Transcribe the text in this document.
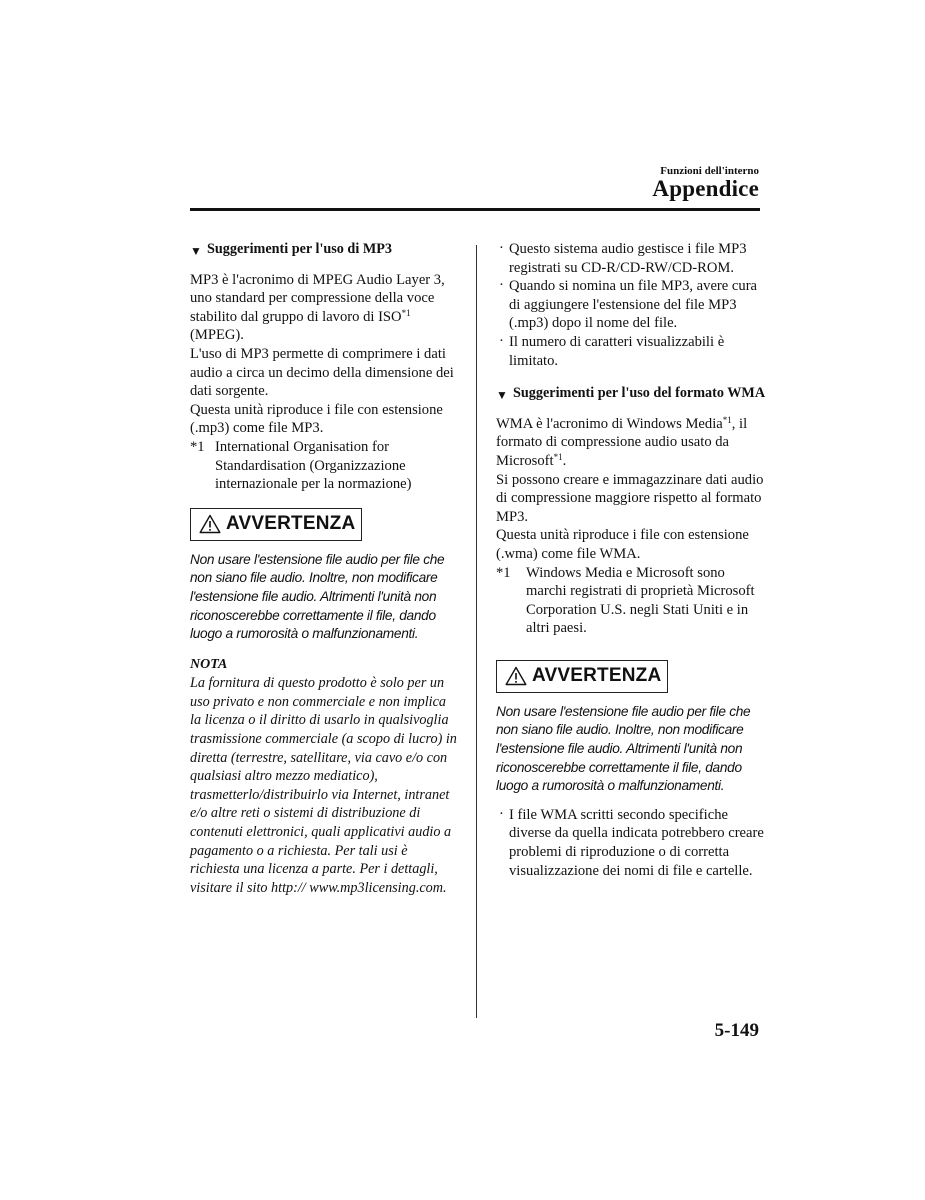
Funzioni dell'interno
Appendice
▼ Suggerimenti per l'uso di MP3

MP3 è l'acronimo di MPEG Audio Layer 3, uno standard per compressione della voce stabilito dal gruppo di lavoro di ISO$^{*1}$ (MPEG).

L'uso di MP3 permette di comprimere i dati audio a circa un decimo della dimensione dei dati sorgente.

Questa unità riproduce i file con estensione (.mp3) come file MP3.

*1 International Organisation for Standardisation (Organizzazione internazionale per la normazione)
AVVERTENZA
Non usare l'estensione file audio per file che non siano file audio. Inoltre, non modificare l'estensione file audio. Altrimenti l'unità non riconoscerebbe correttamente il file, dando luogo a rumorosità o malfunzionamenti.
NOTA
La fornitura di questo prodotto è solo per un uso privato e non commerciale e non implica la licenza o il diritto di usarlo in qualsivoglia trasmissione commerciale (a scopo di lucro) in diretta (terrestre, satellitare, via cavo e/o con qualsiasi altro mezzo mediatico), trasmetterlo/distribuirlo via Internet, intranet e/o altre reti o sistemi di distribuzione di contenuti elettronici, quali applicativi audio a pagamento o a richiesta. Per tali usi è richiesta una licenza a parte. Per i dettagli, visitare il sito http:// www.mp3licensing.com.
· Questo sistema audio gestisce i file MP3 registrati su CD-R/CD-RW/CD-ROM.
· Quando si nomina un file MP3, avere cura di aggiungere l'estensione del file MP3 (.mp3) dopo il nome del file.
· Il numero di caratteri visualizzabili è limitato.
▼ Suggerimenti per l'uso del formato WMA

WMA è l'acronimo di Windows Media$^{*1}$, il formato di compressione audio usato da Microsoft$^{*1}$.

Si possono creare e immagazzinare dati audio di compressione maggiore rispetto al formato MP3.

Questa unità riproduce i file con estensione (.wma) come file WMA.

*1 Windows Media e Microsoft sono marchi registrati di proprietà Microsoft Corporation U.S. negli Stati Uniti e in altri paesi.
AVVERTENZA
Non usare l'estensione file audio per file che non siano file audio. Inoltre, non modificare l'estensione file audio. Altrimenti l'unità non riconoscerebbe correttamente il file, dando luogo a rumorosità o malfunzionamenti.
· I file WMA scritti secondo specifiche diverse da quella indicata potrebbero creare problemi di riproduzione o di corretta visualizzazione dei nomi di file e cartelle.
5-149
